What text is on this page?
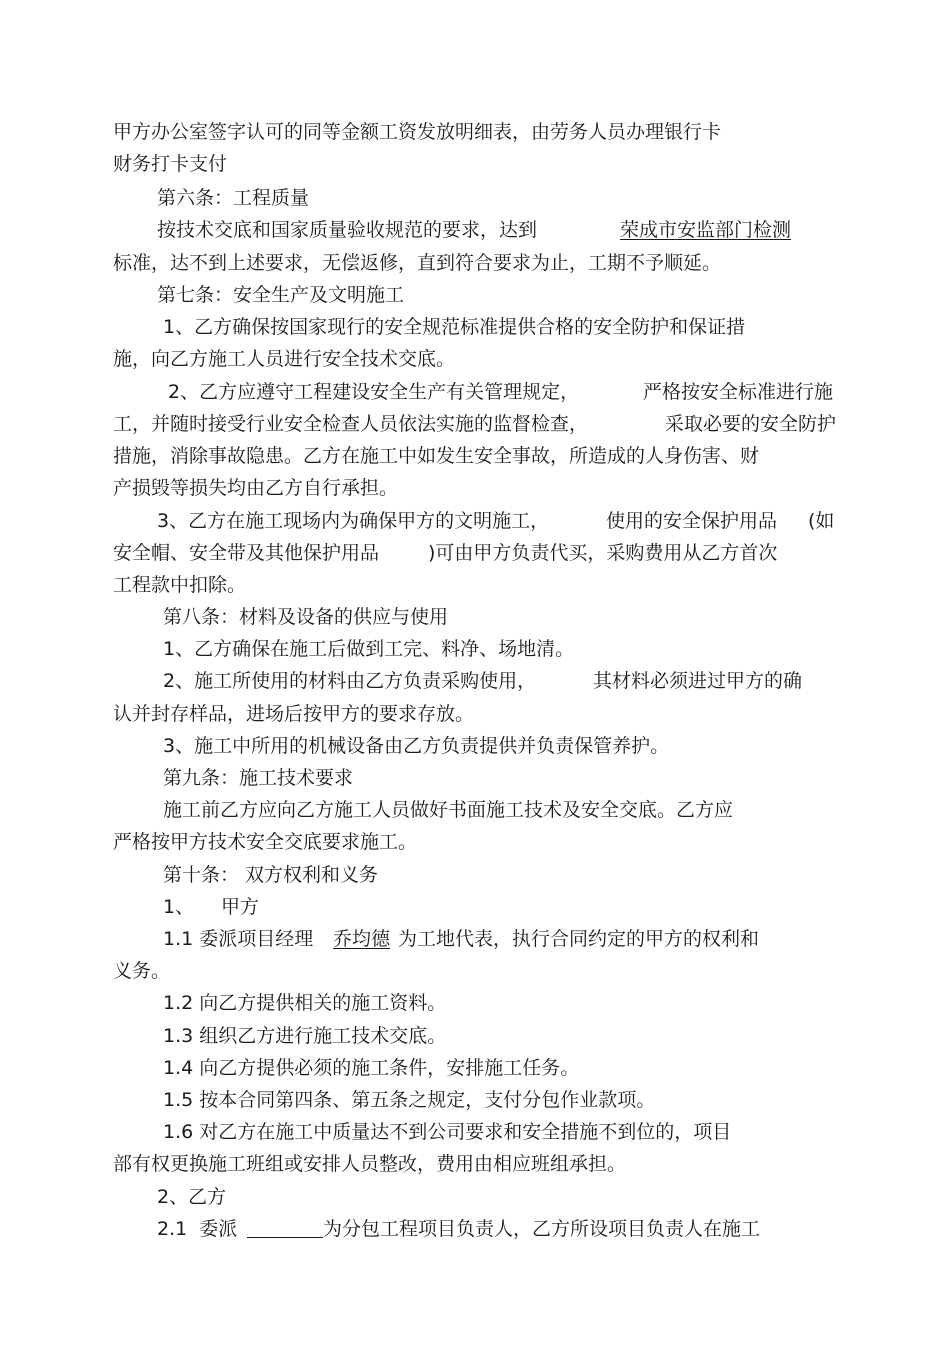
甲方办公室签字认可的同等金额工资发放明细表，由劳务人员办理银行卡
财务打卡支付
第六条：工程质量
按技术交底和国家质量验收规范的要求，达到	荣成市安监部门检测
标准，达不到上述要求，无偿返修，直到符合要求为止，工期不予顺延。
第七条：安全生产及文明施工
1、乙方确保按国家现行的安全规范标准提供合格的安全防护和保证措
施，向乙方施工人员进行安全技术交底。
2、乙方应遵守工程建设安全生产有关管理规定，	严格按安全标准进行施
工，并随时接受行业安全检查人员依法实施的监督检查，	采取必要的安全防护
措施，消除事故隐患。乙方在施工中如发生安全事故，所造成的人身伤害、财
产损毁等损失均由乙方自行承担。
3、乙方在施工现场内为确保甲方的文明施工，	使用的安全保护用品 (如
安全帽、安全带及其他保护用品	)可由甲方负责代买，采购费用从乙方首次
工程款中扣除。
第八条：材料及设备的供应与使用
1、乙方确保在施工后做到工完、料净、场地清。
2、施工所使用的材料由乙方负责采购使用，	其材料必须进过甲方的确
认并封存样品，进场后按甲方的要求存放。
3、施工中所用的机械设备由乙方负责提供并负责保管养护。
第九条：施工技术要求
施工前乙方应向乙方施工人员做好书面施工技术及安全交底。乙方应
严格按甲方技术安全交底要求施工。
第十条： 双方权利和义务
1、 甲方
1.1 委派项目经理 乔均德 为工地代表，执行合同约定的甲方的权利和
义务。
1.2 向乙方提供相关的施工资料。
1.3 组织乙方进行施工技术交底。
1.4 向乙方提供必须的施工条件，安排施工任务。
1.5 按本合同第四条、第五条之规定，支付分包作业款项。
1.6 对乙方在施工中质量达不到公司要求和安全措施不到位的，项目
部有权更换施工班组或安排人员整改，费用由相应班组承担。
2、乙方
2.1  委派	为分包工程项目负责人，乙方所设项目负责人在施工
